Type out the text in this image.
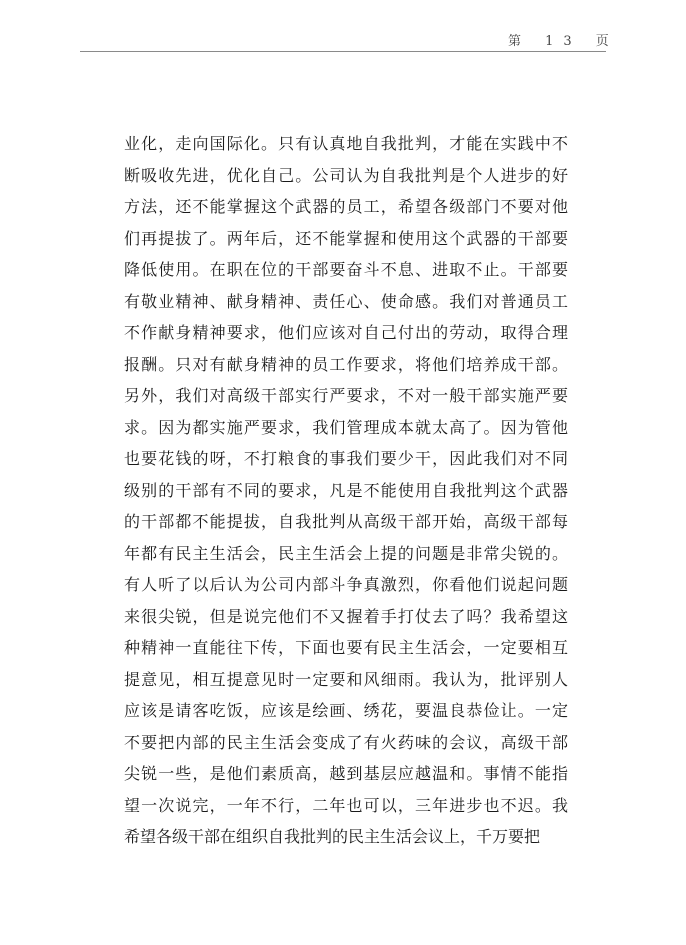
第 13 页
业化，走向国际化。只有认真地自我批判，才能在实践中不
断吸收先进，优化自己。公司认为自我批判是个人进步的好
方法，还不能掌握这个武器的员工，希望各级部门不要对他
们再提拔了。两年后，还不能掌握和使用这个武器的干部要
降低使用。在职在位的干部要奋斗不息、进取不止。干部要
有敬业精神、献身精神、责任心、使命感。我们对普通员工
不作献身精神要求，他们应该对自己付出的劳动，取得合理
报酬。只对有献身精神的员工作要求，将他们培养成干部。
另外，我们对高级干部实行严要求，不对一般干部实施严要
求。因为都实施严要求，我们管理成本就太高了。因为管他
也要花钱的呀，不打粮食的事我们要少干，因此我们对不同
级别的干部有不同的要求，凡是不能使用自我批判这个武器
的干部都不能提拔，自我批判从高级干部开始，高级干部每
年都有民主生活会，民主生活会上提的问题是非常尖锐的。
有人听了以后认为公司内部斗争真激烈，你看他们说起问题
来很尖锐，但是说完他们不又握着手打仗去了吗？我希望这
种精神一直能往下传，下面也要有民主生活会，一定要相互
提意见，相互提意见时一定要和风细雨。我认为，批评别人
应该是请客吃饭，应该是绘画、绣花，要温良恭俭让。一定
不要把内部的民主生活会变成了有火药味的会议，高级干部
尖锐一些，是他们素质高，越到基层应越温和。事情不能指
望一次说完，一年不行，二年也可以，三年进步也不迟。我
希望各级干部在组织自我批判的民主生活会议上，千万要把
